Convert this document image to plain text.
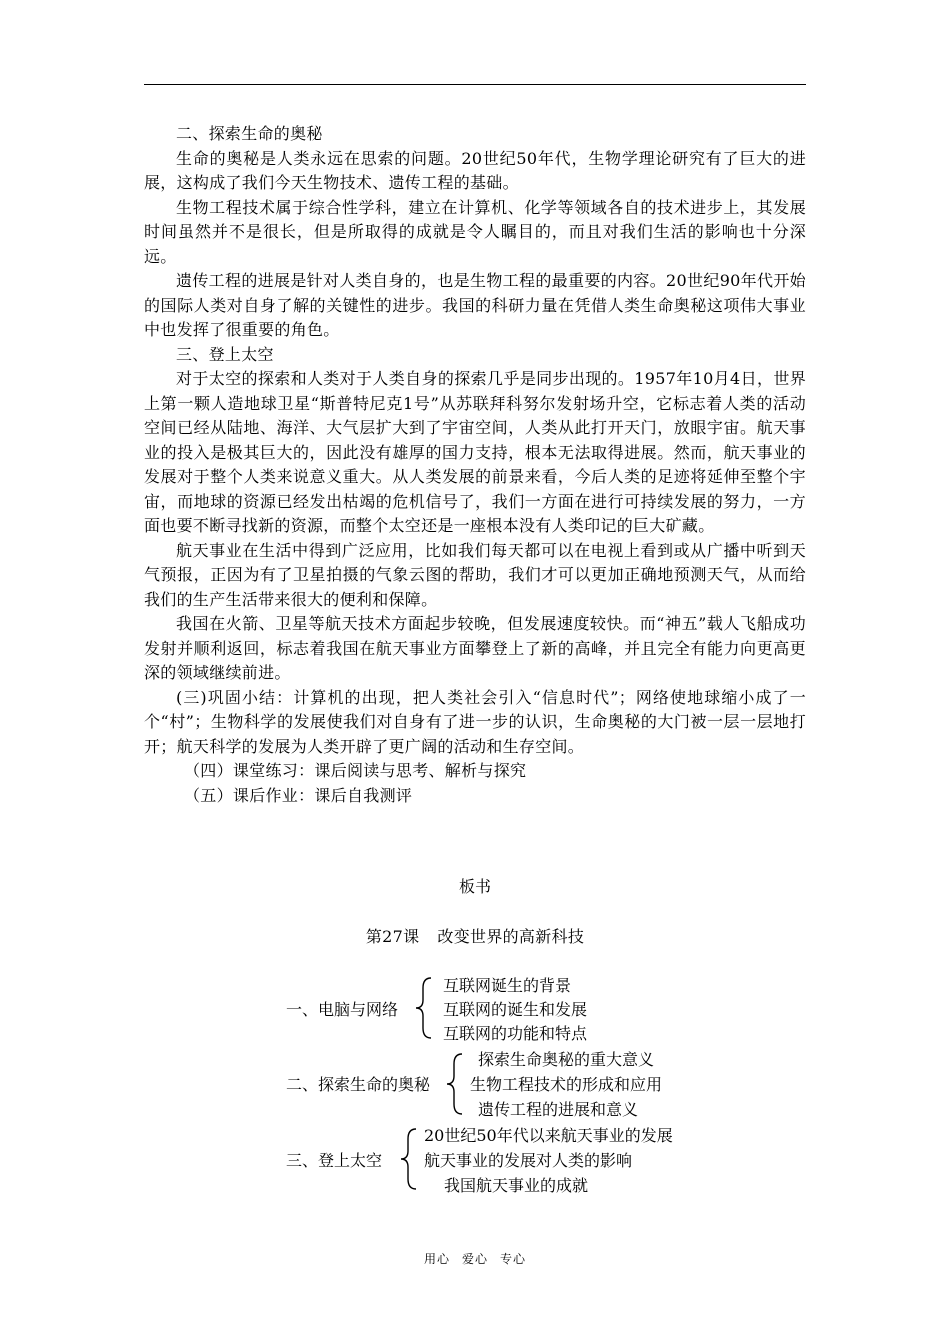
二、探索生命的奥秘

生命的奥秘是人类永远在思索的问题。20世纪50年代，生物学理论研究有了巨大的进展，这构成了我们今天生物技术、遗传工程的基础。

生物工程技术属于综合性学科，建立在计算机、化学等领域各自的技术进步上，其发展时间虽然并不是很长，但是所取得的成就是令人瞩目的，而且对我们生活的影响也十分深远。

遗传工程的进展是针对人类自身的，也是生物工程的最重要的内容。20世纪90年代开始的国际人类对自身了解的关键性的进步。我国的科研力量在凭借人类生命奥秘这项伟大事业中也发挥了很重要的角色。

三、登上太空

对于太空的探索和人类对于人类自身的探索几乎是同步出现的。1957年10月4日，世界上第一颗人造地球卫星“斯普特尼克1号”从苏联拜科努尔发射场升空，它标志着人类的活动空间已经从陆地、海洋、大气层扩大到了宇宙空间，人类从此打开天门，放眼宇宙。航天事业的投入是极其巨大的，因此没有雄厚的国力支持，根本无法取得进展。然而，航天事业的发展对于整个人类来说意义重大。从人类发展的前景来看，今后人类的足迹将延伸至整个宇宙，而地球的资源已经发出枯竭的危机信号了，我们一方面在进行可持续发展的努力，一方面也要不断寻找新的资源，而整个太空还是一座根本没有人类印记的巨大矿藏。

航天事业在生活中得到广泛应用，比如我们每天都可以在电视上看到或从广播中听到天气预报，正因为有了卫星拍摄的气象云图的帮助，我们才可以更加正确地预测天气，从而给我们的生产生活带来很大的便利和保障。

我国在火箭、卫星等航天技术方面起步较晚，但发展速度较快。而“神五”载人飞船成功发射并顺利返回，标志着我国在航天事业方面攀登上了新的高峰，并且完全有能力向更高更深的领域继续前进。

(三)巩固小结：计算机的出现，把人类社会引入“信息时代”；网络使地球缩小成了一个“村”；生物科学的发展使我们对自身有了进一步的认识，生命奥秘的大门被一层一层地打开；航天科学的发展为人类开辟了更广阔的活动和生存空间。

（四）课堂练习：课后阅读与思考、解析与探究

（五）课后作业：课后自我测评

板书
第27课 改变世界的高新科技
一、电脑与网络
互联网诞生的背景
互联网的诞生和发展
互联网的功能和特点
二、探索生命的奥秘
探索生命奥秘的重大意义
生物工程技术的形成和应用
遗传工程的进展和意义
三、登上太空
20世纪50年代以来航天事业的发展
航天事业的发展对人类的影响
我国航天事业的成就
用心 爱心 专心
